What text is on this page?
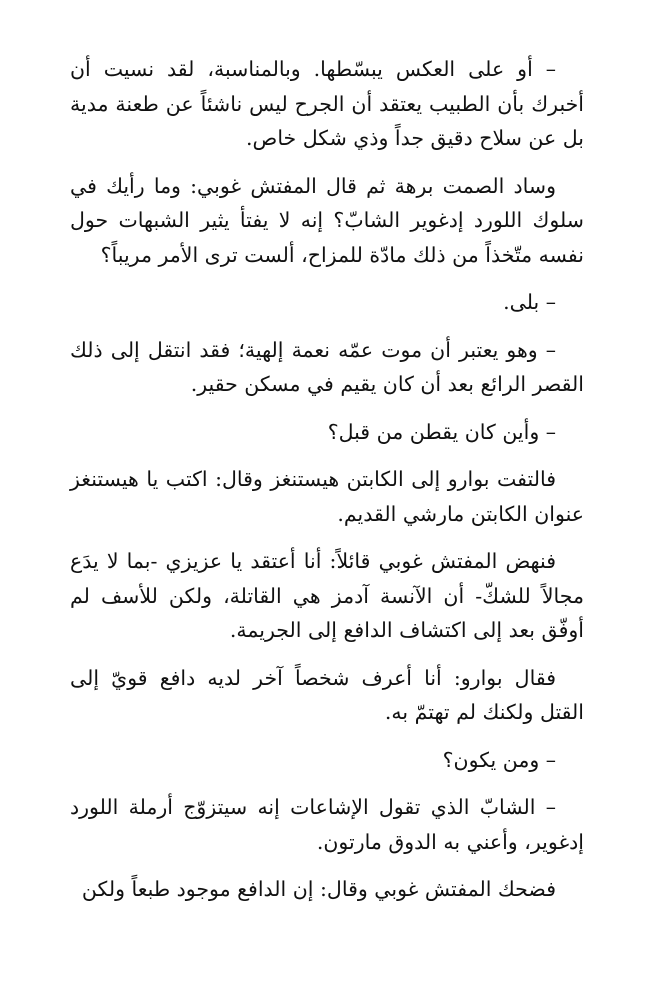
– أو على العكس يبسّطها. وبالمناسبة، لقد نسيت أن أخبرك بأن الطبيب يعتقد أن الجرح ليس ناشئاً عن طعنة مدية بل عن سلاح دقيق جداً وذي شكل خاص.

وساد الصمت برهة ثم قال المفتش غوبي: وما رأيك في سلوك اللورد إدغوير الشابّ؟ إنه لا يفتأ يثير الشبهات حول نفسه متّخذاً من ذلك مادّة للمزاح، ألست ترى الأمر مريباً؟

– بلى.

– وهو يعتبر أن موت عمّه نعمة إلهية؛ فقد انتقل إلى ذلك القصر الرائع بعد أن كان يقيم في مسكن حقير.

– وأين كان يقطن من قبل؟

فالتفت بوارو إلى الكابتن هيستنغز وقال: اكتب يا هيستنغز عنوان الكابتن مارشي القديم.

فنهض المفتش غوبي قائلاً: أنا أعتقد يا عزيزي -بما لا يدَع مجالاً للشكّ- أن الآنسة آدمز هي القاتلة، ولكن للأسف لم أوفّق بعد إلى اكتشاف الدافع إلى الجريمة.

فقال بوارو: أنا أعرف شخصاً آخر لديه دافع قويّ إلى القتل ولكنك لم تهتمّ به.

– ومن يكون؟

– الشابّ الذي تقول الإشاعات إنه سيتزوّج أرملة اللورد إدغوير، وأعني به الدوق مارتون.

فضحك المفتش غوبي وقال: إن الدافع موجود طبعاً ولكن
